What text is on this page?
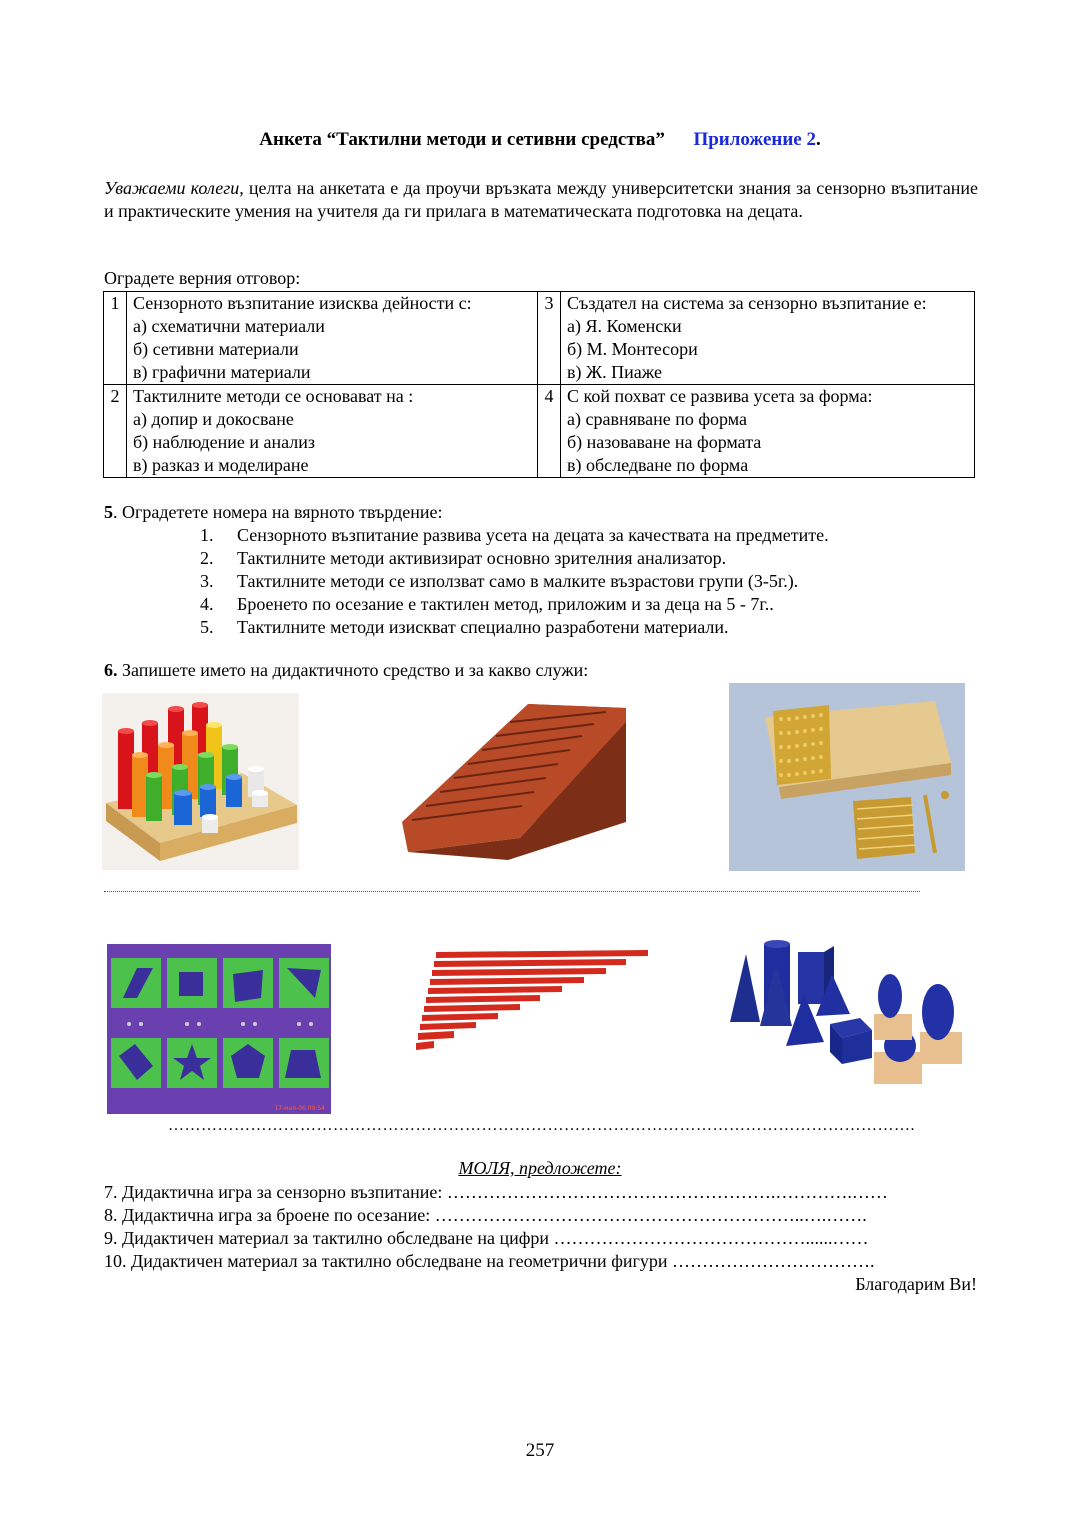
Анкета “Тактилни методи и сетивни средства” Приложение 2.
Уважаеми колеги, целта на анкетата е да проучи връзката между университетски знания за сензорно възпитание и практическите умения на учителя да ги прилага в математическата подготовка на децата.
Оградете верния отговор:
1	Сензорното възпитание изисква дейности с:
а) схематични материали
б) сетивни материали
в) графични материали	3	Създател на система за сензорно възпитание е:
а) Я. Коменски
б) М. Монтесори
в) Ж. Пиаже

2	Тактилните методи се основават на :
а) допир и докосване
б) наблюдение и анализ
в) разказ и моделиране	4	С кой похват се развива усета за форма:
а) сравняване по форма
б) назоваване на формата
в) обследване по форма
5. Оградетете номера на вярното твърдение:
1.	Сензорното възпитание развива усета на децата за качествата на предметите.
2.	Тактилните методи активизират основно зрителния анализатор.
3.	Тактилните методи се използват само в малките възрастови групи (3-5г.).
4.	Броенето по осезание е тактилен метод, приложим и за деца на 5 - 7г..
5.	Тактилните методи изискват специално разработени материали.
6. Запишете името на дидактичното средство и за какво служи:
17-мая-06 09:54
……………………………………………………………………………………………………………………….
МОЛЯ, предложете:
7. Дидактична игра за сензорно възпитание: ……………………………………………….………….……
8. Дидактична игра за броене по осезание: ……………………………………………………..….…….
9. Дидактичен материал за тактилно обследване на цифри ……………………………………......……
10. Дидактичен материал за тактилно обследване на геометрични фигури …………………………….
Благодарим Ви!
257
